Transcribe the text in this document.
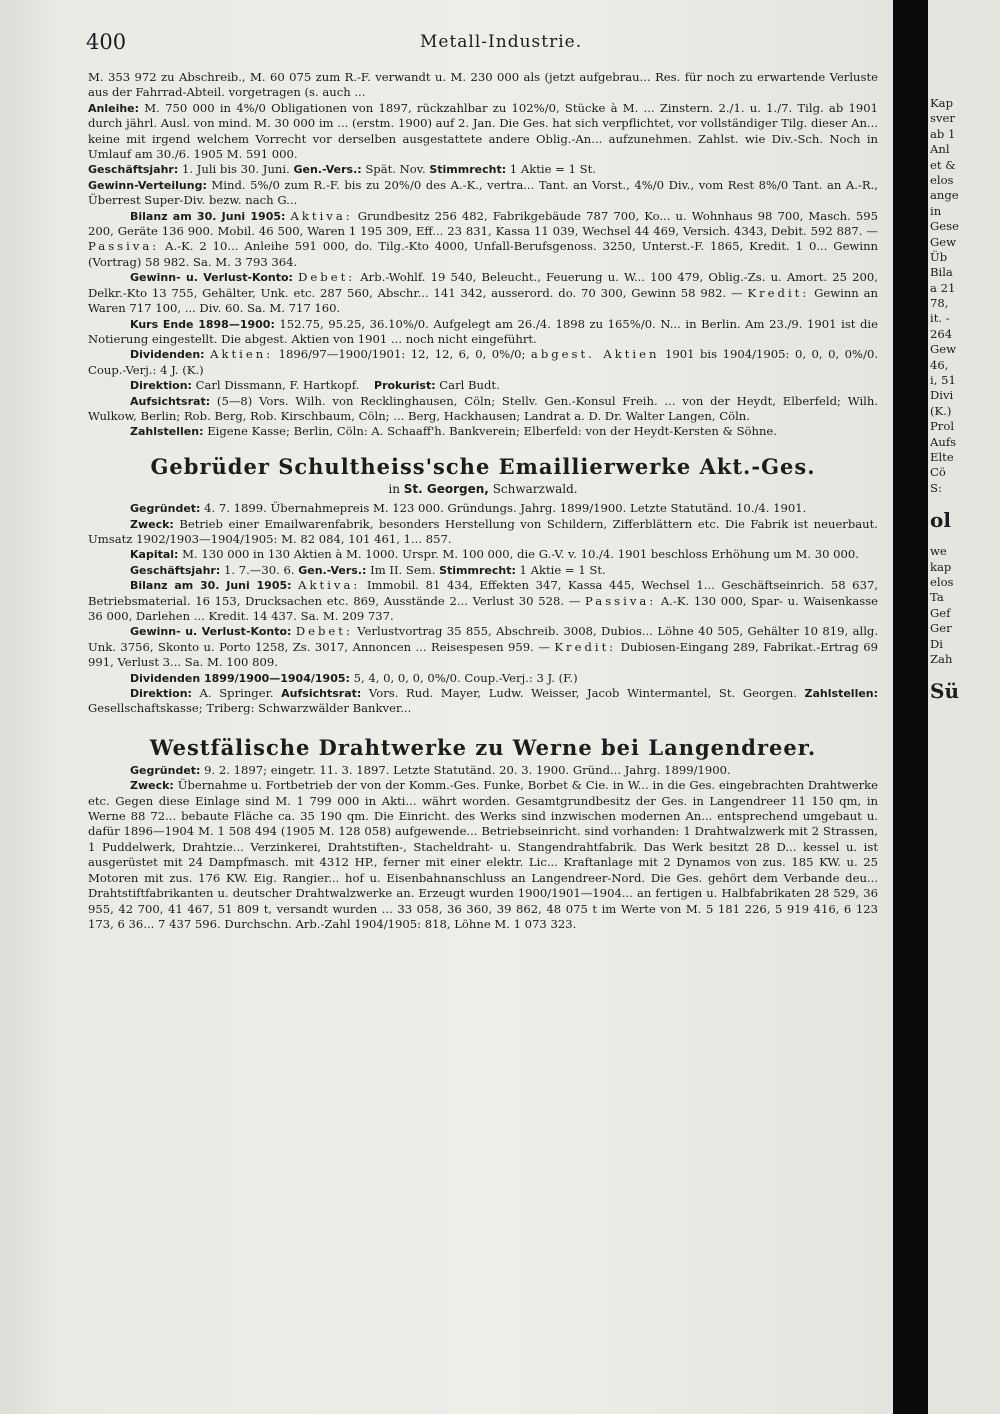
400	Metall-Industrie.

M. 353 972 zu Abschreib., M. 60 075 zum R.-F. verwandt u. M. 230 000 als (jetzt aufgebrau... Res. für noch zu erwartende Verluste aus der Fahrrad-Abteil. vorgetragen (s. auch ...

Anleihe: M. 750 000 in 4%/0 Obligationen von 1897, rückzahlbar zu 102%/0, Stücke à M. ... Zinstern. 2./1. u. 1./7. Tilg. ab 1901 durch jährl. Ausl. von mind. M. 30 000 im ... (erstm. 1900) auf 2. Jan. Die Ges. hat sich verpflichtet, vor vollständiger Tilg. dieser An... keine mit irgend welchem Vorrecht vor derselben ausgestattete andere Oblig.-An... aufzunehmen. Zahlst. wie Div.-Sch. Noch in Umlauf am 30./6. 1905 M. 591 000.

Geschäftsjahr: 1. Juli bis 30. Juni. Gen.-Vers.: Spät. Nov. Stimmrecht: 1 Aktie = 1 St.

Gewinn-Verteilung: Mind. 5%/0 zum R.-F. bis zu 20%/0 des A.-K., vertra... Tant. an Vorst., 4%/0 Div., vom Rest 8%/0 Tant. an A.-R., Überrest Super-Div. bezw. nach G...

Bilanz am 30. Juni 1905: Aktiva: Grundbesitz 256 482, Fabrikgebäude 787 700, Ko... u. Wohnhaus 98 700, Masch. 595 200, Geräte 136 900. Mobil. 46 500, Waren 1 195 309, Eff... 23 831, Kassa 11 039, Wechsel 44 469, Versich. 4343, Debit. 592 887. — Passiva: A.-K. 2 10... Anleihe 591 000, do. Tilg.-Kto 4000, Unfall-Berufsgenoss. 3250, Unterst.-F. 1865, Kredit. 1 0... Gewinn (Vortrag) 58 982. Sa. M. 3 793 364.

Gewinn- u. Verlust-Konto: Debet: Arb.-Wohlf. 19 540, Beleucht., Feuerung u. W... 100 479, Oblig.-Zs. u. Amort. 25 200, Delkr.-Kto 13 755, Gehälter, Unk. etc. 287 560, Abschr... 141 342, ausserord. do. 70 300, Gewinn 58 982. — Kredit: Gewinn an Waren 717 100, ... Div. 60. Sa. M. 717 160.

Kurs Ende 1898—1900: 152.75, 95.25, 36.10%/0. Aufgelegt am 26./4. 1898 zu 165%/0. N... in Berlin. Am 23./9. 1901 ist die Notierung eingestellt. Die abgest. Aktien von 1901 ... noch nicht eingeführt.

Dividenden: Aktien: 1896/97—1900/1901: 12, 12, 6, 0, 0%/0; abgest. Aktien 1901 bis 1904/1905: 0, 0, 0, 0%/0. Coup.-Verj.: 4 J. (K.)

Direktion: Carl Dissmann, F. Hartkopf. Prokurist: Carl Budt.

Aufsichtsrat: (5—8) Vors. Wilh. von Recklinghausen, Cöln; Stellv. Gen.-Konsul Freih. ... von der Heydt, Elberfeld; Wilh. Wulkow, Berlin; Rob. Berg, Rob. Kirschbaum, Cöln; ... Berg, Hackhausen; Landrat a. D. Dr. Walter Langen, Cöln.

Zahlstellen: Eigene Kasse; Berlin, Cöln: A. Schaaff'h. Bankverein; Elberfeld: von der Heydt-Kersten & Söhne.

Gebrüder Schultheiss'sche Emaillierwerke Akt.-Ges.
in St. Georgen, Schwarzwald.

Gegründet: 4. 7. 1899. Übernahmepreis M. 123 000. Gründungs. Jahrg. 1899/1900. Letzte Statutänd. 10./4. 1901.

Zweck: Betrieb einer Emailwarenfabrik, besonders Herstellung von Schildern, Zifferblättern etc. Die Fabrik ist neuerbaut. Umsatz 1902/1903—1904/1905: M. 82 084, 101 461, 1... 857.

Kapital: M. 130 000 in 130 Aktien à M. 1000. Urspr. M. 100 000, die G.-V. v. 10./4. 1901 beschloss Erhöhung um M. 30 000.

Geschäftsjahr: 1. 7.—30. 6. Gen.-Vers.: Im II. Sem. Stimmrecht: 1 Aktie = 1 St.

Bilanz am 30. Juni 1905: Aktiva: Immobil. 81 434, Effekten 347, Kassa 445, Wechsel 1... Geschäftseinrich. 58 637, Betriebsmaterial. 16 153, Drucksachen etc. 869, Ausstände 2... Verlust 30 528. — Passiva: A.-K. 130 000, Spar- u. Waisenkasse 36 000, Darlehen ... Kredit. 14 437. Sa. M. 209 737.

Gewinn- u. Verlust-Konto: Debet: Verlustvortrag 35 855, Abschreib. 3008, Dubios... Löhne 40 505, Gehälter 10 819, allg. Unk. 3756, Skonto u. Porto 1258, Zs. 3017, Annoncen ... Reisespesen 959. — Kredit: Dubiosen-Eingang 289, Fabrikat.-Ertrag 69 991, Verlust 3... Sa. M. 100 809.

Dividenden 1899/1900—1904/1905: 5, 4, 0, 0, 0, 0%/0. Coup.-Verj.: 3 J. (F.)

Direktion: A. Springer. Aufsichtsrat: Vors. Rud. Mayer, Ludw. Weisser, Jacob Wintermantel, St. Georgen. Zahlstellen: Gesellschaftskasse; Triberg: Schwarzwälder Bankver...

Westfälische Drahtwerke zu Werne bei Langendreer.

Gegründet: 9. 2. 1897; eingetr. 11. 3. 1897. Letzte Statutänd. 20. 3. 1900. Gründ... Jahrg. 1899/1900.

Zweck: Übernahme u. Fortbetrieb der von der Komm.-Ges. Funke, Borbet & Cie. in W... in die Ges. eingebrachten Drahtwerke etc. Gegen diese Einlage sind M. 1 799 000 in Akti... währt worden. Gesamtgrundbesitz der Ges. in Langendreer 11 150 qm, in Werne 88 72... bebaute Fläche ca. 35 190 qm. Die Einricht. des Werks sind inzwischen modernen An... entsprechend umgebaut u. dafür 1896—1904 M. 1 508 494 (1905 M. 128 058) aufgewende... Betriebseinricht. sind vorhanden: 1 Drahtwalzwerk mit 2 Strassen, 1 Puddelwerk, Drahtzie... Verzinkerei, Drahtstiften-, Stacheldraht- u. Stangendrahtfabrik. Das Werk besitzt 28 D... kessel u. ist ausgerüstet mit 24 Dampfmasch. mit 4312 HP., ferner mit einer elektr. Lic... Kraftanlage mit 2 Dynamos von zus. 185 KW. u. 25 Motoren mit zus. 176 KW. Eig. Rangier... hof u. Eisenbahnanschluss an Langendreer-Nord. Die Ges. gehört dem Verbande deu... Drahtstiftfabrikanten u. deutscher Drahtwalzwerke an. Erzeugt wurden 1900/1901—1904... an fertigen u. Halbfabrikaten 28 529, 36 955, 42 700, 41 467, 51 809 t, versandt wurden ... 33 058, 36 360, 39 862, 48 075 t im Werte von M. 5 181 226, 5 919 416, 6 123 173, 6 36... 7 437 596. Durchschn. Arb.-Zahl 1904/1905: 818, Löhne M. 1 073 323.

Kap
sver
ab 1
Anl
et &
elos
ange
in
Gese
Gew
Üb
Bila
a 21
78,
it. -
264
Gew
46,
i, 51
Divi
(K.)
Prol
Aufs
Elte
Cö
S:
ol
we
kap
elos
Ta
Gef
Ger
Di
Zah
Sü
